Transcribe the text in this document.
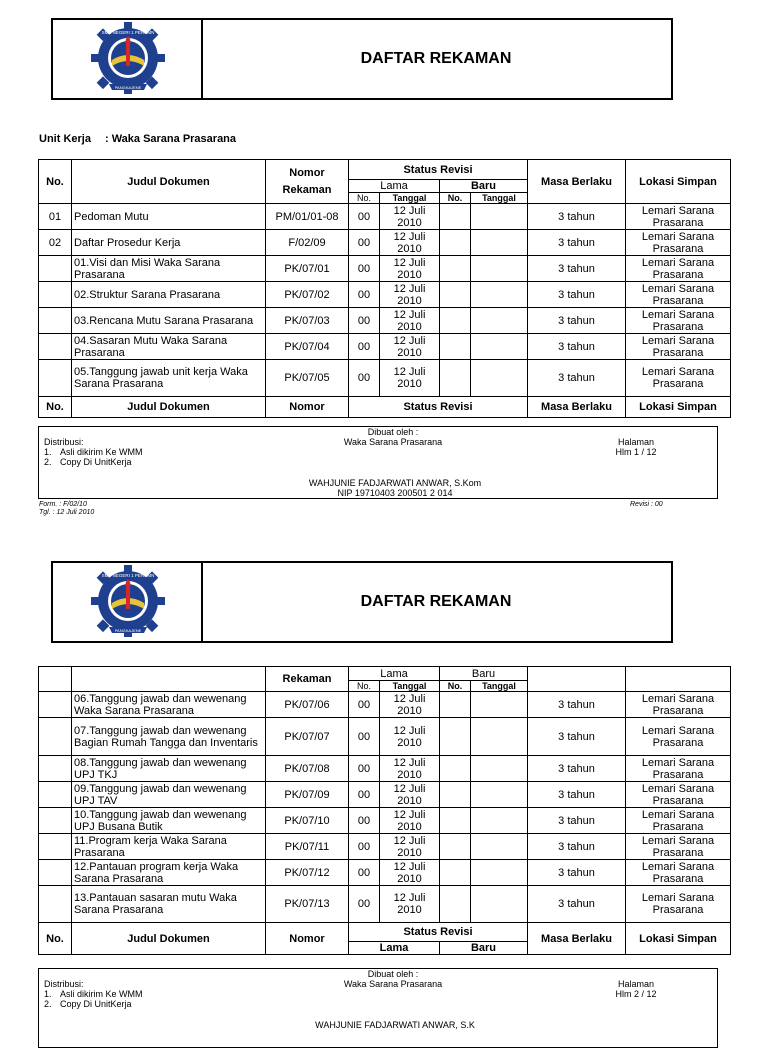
PANGKAJENE
SMK NEGERI 1 PERUMN
DAFTAR REKAMAN
Unit Kerja : Waka Sarana Prasarana
No.	Judul Dokumen	Nomor
Rekaman	Status Revisi				Masa Berlaku	Lokasi Simpan
			Lama		Baru			
			No.	Tanggal	No.	Tanggal		
01	Pedoman Mutu	PM/01/01-08	00	12 Juli 2010			3 tahun	Lemari Sarana Prasarana
02	Daftar Prosedur Kerja	F/02/09	00	12 Juli 2010			3 tahun	Lemari Sarana Prasarana
	01.Visi dan Misi Waka Sarana Prasarana	PK/07/01	00	12 Juli 2010			3 tahun	Lemari Sarana Prasarana
	02.Struktur Sarana Prasarana	PK/07/02	00	12 Juli 2010			3 tahun	Lemari Sarana Prasarana
	03.Rencana Mutu Sarana Prasarana	PK/07/03	00	12 Juli 2010			3 tahun	Lemari Sarana Prasarana
	04.Sasaran Mutu Waka Sarana Prasarana	PK/07/04	00	12 Juli 2010			3 tahun	Lemari Sarana Prasarana
	05.Tanggung jawab unit kerja Waka Sarana Prasarana	PK/07/05	00	12 Juli 2010			3 tahun	Lemari Sarana Prasarana
No.	Judul Dokumen	Nomor	Status Revisi				Masa Berlaku	Lokasi Simpan
Dibuat oleh :
Waka Sarana Prasarana
Distribusi:
1. Asli dikirim Ke WMM
2. Copy Di UnitKerja
Halaman
Hlm 1 / 12
WAHJUNIE FADJARWATI ANWAR, S.Kom
NIP 19710403 200501 2 014
Form. : F/02/10
Tgl. : 12 Juli 2010
Revisi : 00
PANGKAJENE
SMK NEGERI 1 PERUMN
DAFTAR REKAMAN
		Rekaman	Lama		Baru			
			No.	Tanggal	No.	Tanggal		
	06.Tanggung jawab dan wewenang Waka Sarana Prasarana	PK/07/06	00	12 Juli 2010			3 tahun	Lemari Sarana Prasarana
	07.Tanggung jawab dan wewenang Bagian Rumah Tangga dan Inventaris	PK/07/07	00	12 Juli 2010			3 tahun	Lemari Sarana Prasarana
	08.Tanggung jawab dan wewenang UPJ TKJ	PK/07/08	00	12 Juli 2010			3 tahun	Lemari Sarana Prasarana
	09.Tanggung jawab dan wewenang UPJ TAV	PK/07/09	00	12 Juli 2010			3 tahun	Lemari Sarana Prasarana
	10.Tanggung jawab dan wewenang UPJ Busana Butik	PK/07/10	00	12 Juli 2010			3 tahun	Lemari Sarana Prasarana
	11.Program kerja Waka Sarana Prasarana	PK/07/11	00	12 Juli 2010			3 tahun	Lemari Sarana Prasarana
	12.Pantauan program kerja Waka Sarana Prasarana	PK/07/12	00	12 Juli 2010			3 tahun	Lemari Sarana Prasarana
	13.Pantauan sasaran mutu Waka Sarana Prasarana	PK/07/13	00	12 Juli 2010			3 tahun	Lemari Sarana Prasarana
No.	Judul Dokumen	Nomor	Status Revisi				Masa Berlaku	Lokasi Simpan
			Lama		Baru			
Dibuat oleh :
Waka Sarana Prasarana
Distribusi:
1. Asli dikirim Ke WMM
2. Copy Di UnitKerja
Halaman
Hlm 2 / 12
WAHJUNIE FADJARWATI ANWAR, S.K
